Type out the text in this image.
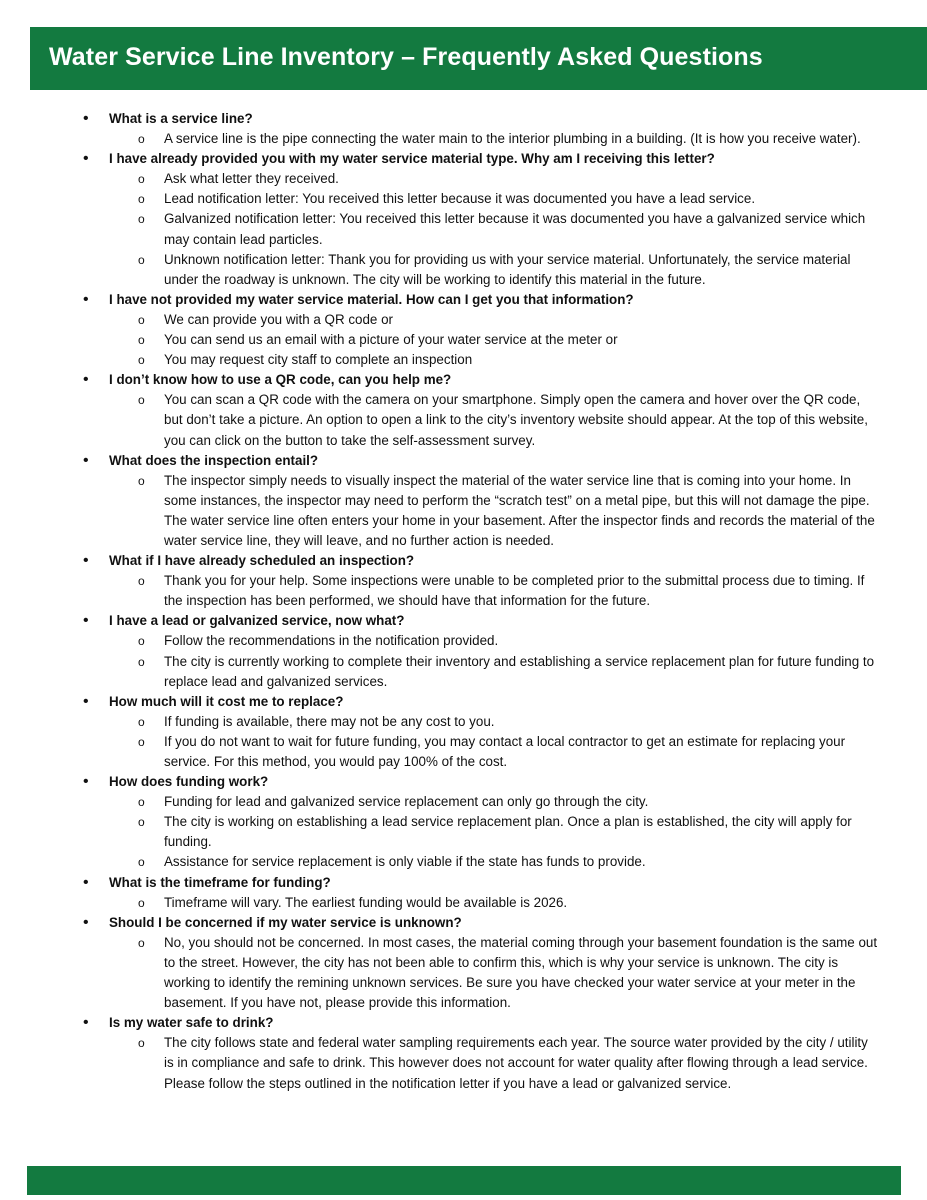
Water Service Line Inventory – Frequently Asked Questions
• What is a service line?
o A service line is the pipe connecting the water main to the interior plumbing in a building. (It is how you receive water).
• I have already provided you with my water service material type. Why am I receiving this letter?
o Ask what letter they received.
o Lead notification letter: You received this letter because it was documented you have a lead service.
o Galvanized notification letter: You received this letter because it was documented you have a galvanized service which may contain lead particles.
o Unknown notification letter: Thank you for providing us with your service material. Unfortunately, the service material under the roadway is unknown. The city will be working to identify this material in the future.
• I have not provided my water service material. How can I get you that information?
o We can provide you with a QR code or
o You can send us an email with a picture of your water service at the meter or
o You may request city staff to complete an inspection
• I don’t know how to use a QR code, can you help me?
o You can scan a QR code with the camera on your smartphone. Simply open the camera and hover over the QR code, but don’t take a picture. An option to open a link to the city’s inventory website should appear. At the top of this website, you can click on the button to take the self-assessment survey.
• What does the inspection entail?
o The inspector simply needs to visually inspect the material of the water service line that is coming into your home. In some instances, the inspector may need to perform the “scratch test” on a metal pipe, but this will not damage the pipe. The water service line often enters your home in your basement. After the inspector finds and records the material of the water service line, they will leave, and no further action is needed.
• What if I have already scheduled an inspection?
o Thank you for your help. Some inspections were unable to be completed prior to the submittal process due to timing. If the inspection has been performed, we should have that information for the future.
• I have a lead or galvanized service, now what?
o Follow the recommendations in the notification provided.
o The city is currently working to complete their inventory and establishing a service replacement plan for future funding to replace lead and galvanized services.
• How much will it cost me to replace?
o If funding is available, there may not be any cost to you.
o If you do not want to wait for future funding, you may contact a local contractor to get an estimate for replacing your service. For this method, you would pay 100% of the cost.
• How does funding work?
o Funding for lead and galvanized service replacement can only go through the city.
o The city is working on establishing a lead service replacement plan. Once a plan is established, the city will apply for funding.
o Assistance for service replacement is only viable if the state has funds to provide.
• What is the timeframe for funding?
o Timeframe will vary. The earliest funding would be available is 2026.
• Should I be concerned if my water service is unknown?
o No, you should not be concerned. In most cases, the material coming through your basement foundation is the same out to the street. However, the city has not been able to confirm this, which is why your service is unknown. The city is working to identify the remining unknown services. Be sure you have checked your water service at your meter in the basement. If you have not, please provide this information.
• Is my water safe to drink?
o The city follows state and federal water sampling requirements each year. The source water provided by the city / utility is in compliance and safe to drink. This however does not account for water quality after flowing through a lead service. Please follow the steps outlined in the notification letter if you have a lead or galvanized service.
